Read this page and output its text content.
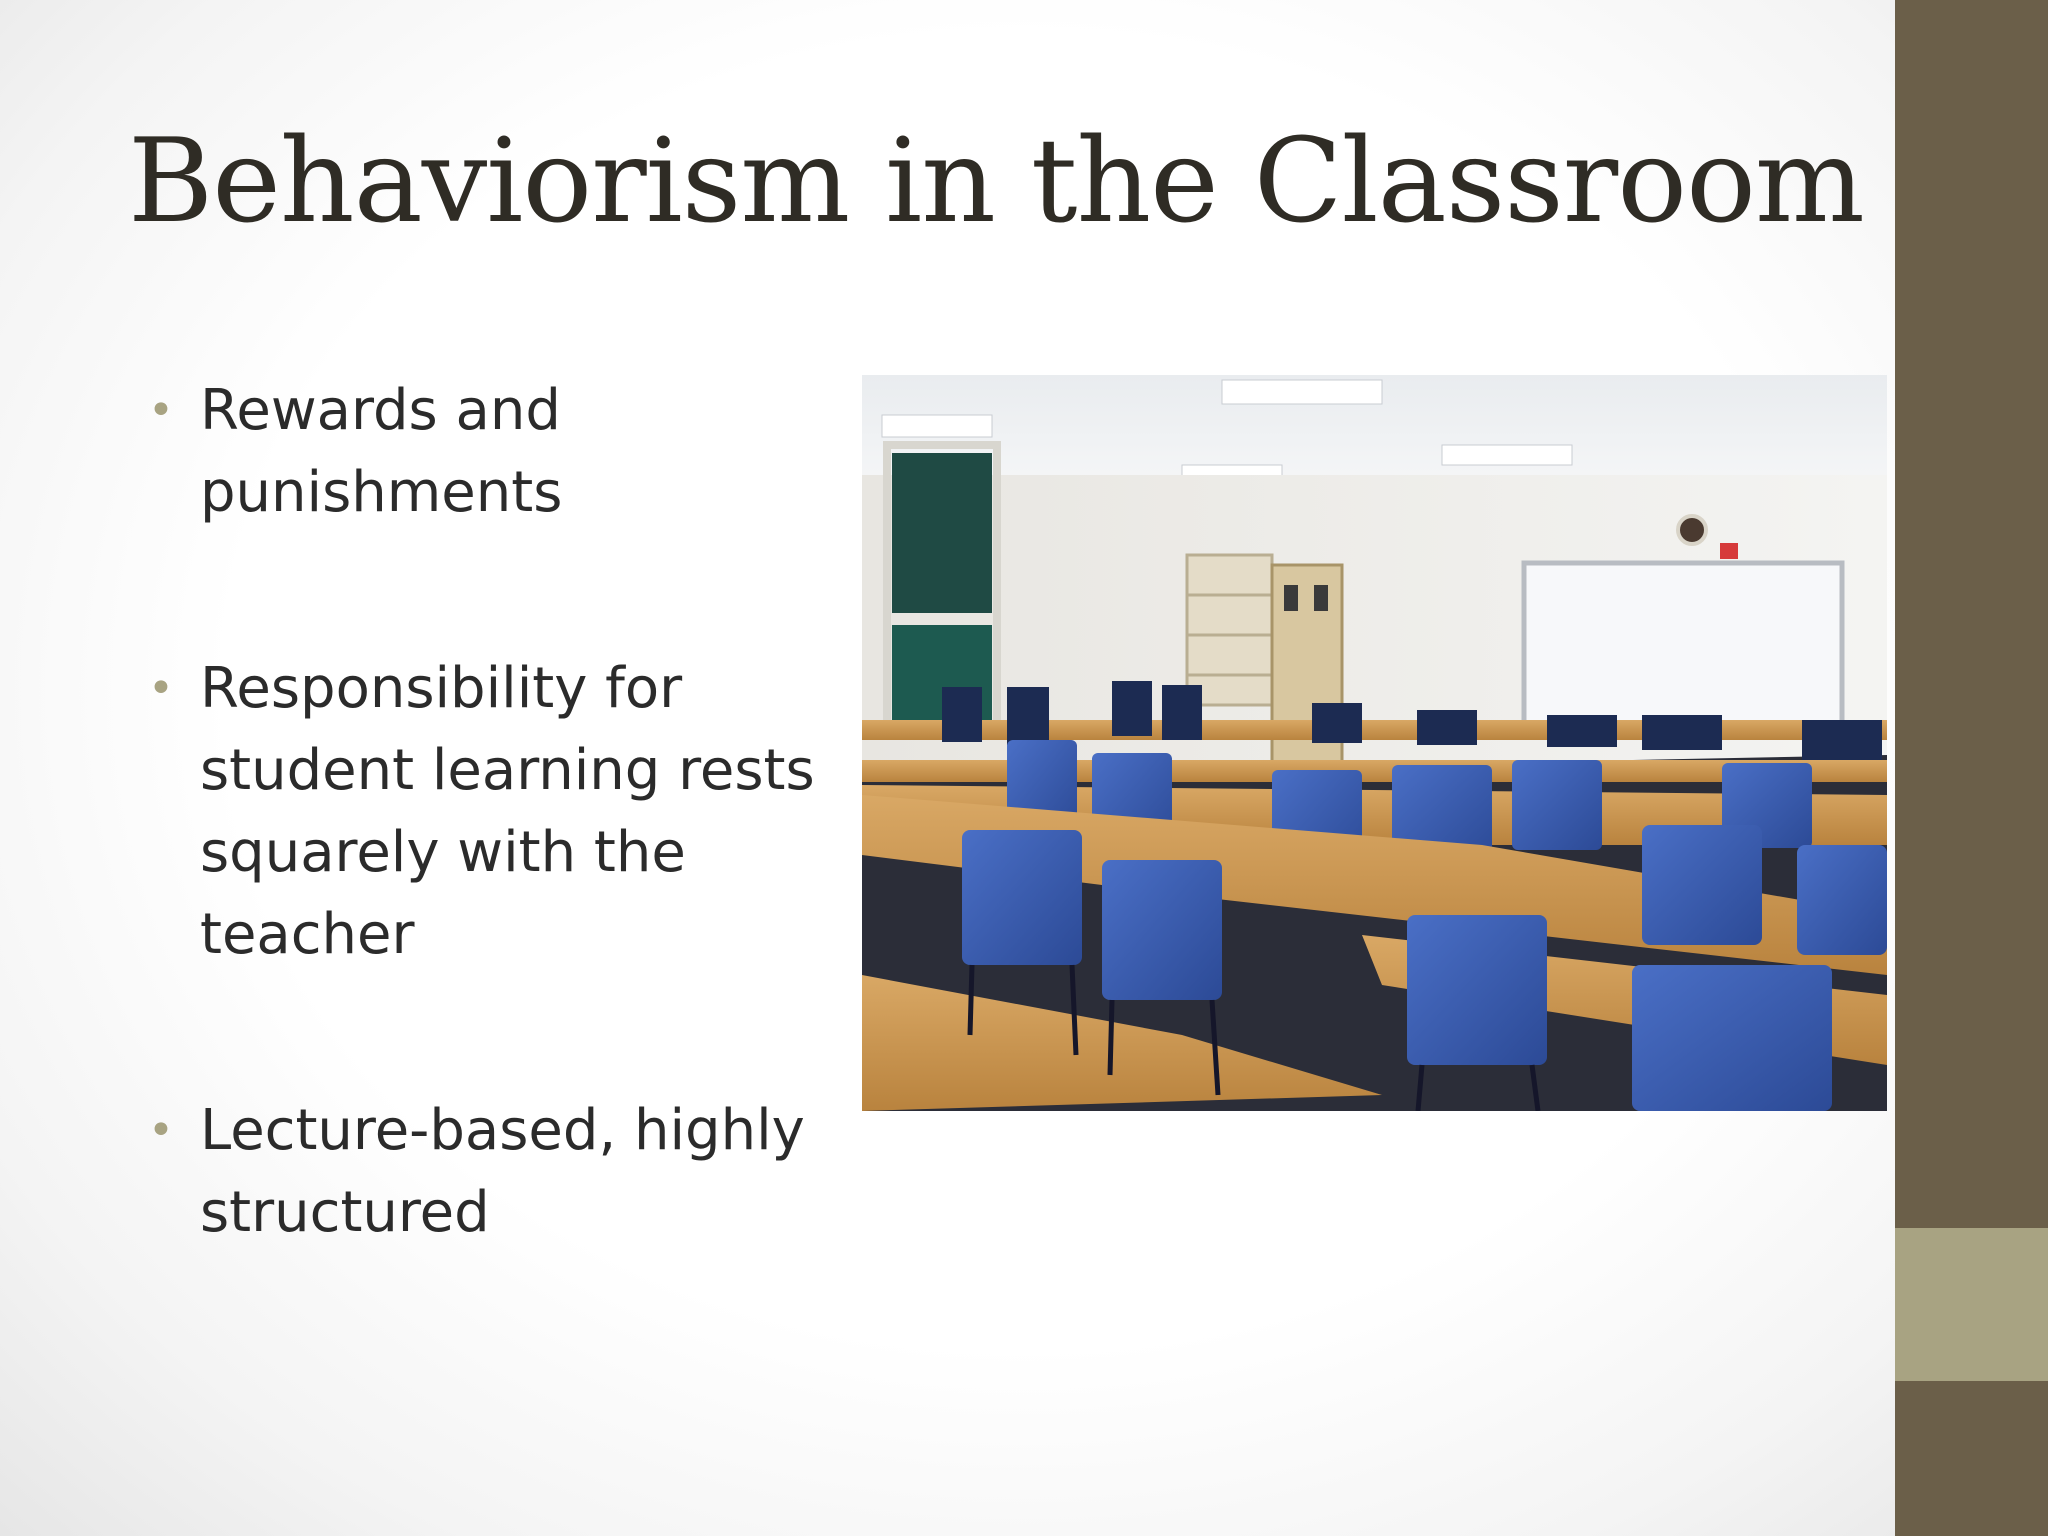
Behaviorism in the Classroom
• Rewards and punishments
• Responsibility for student learning rests squarely with the teacher
• Lecture-based, highly structured
